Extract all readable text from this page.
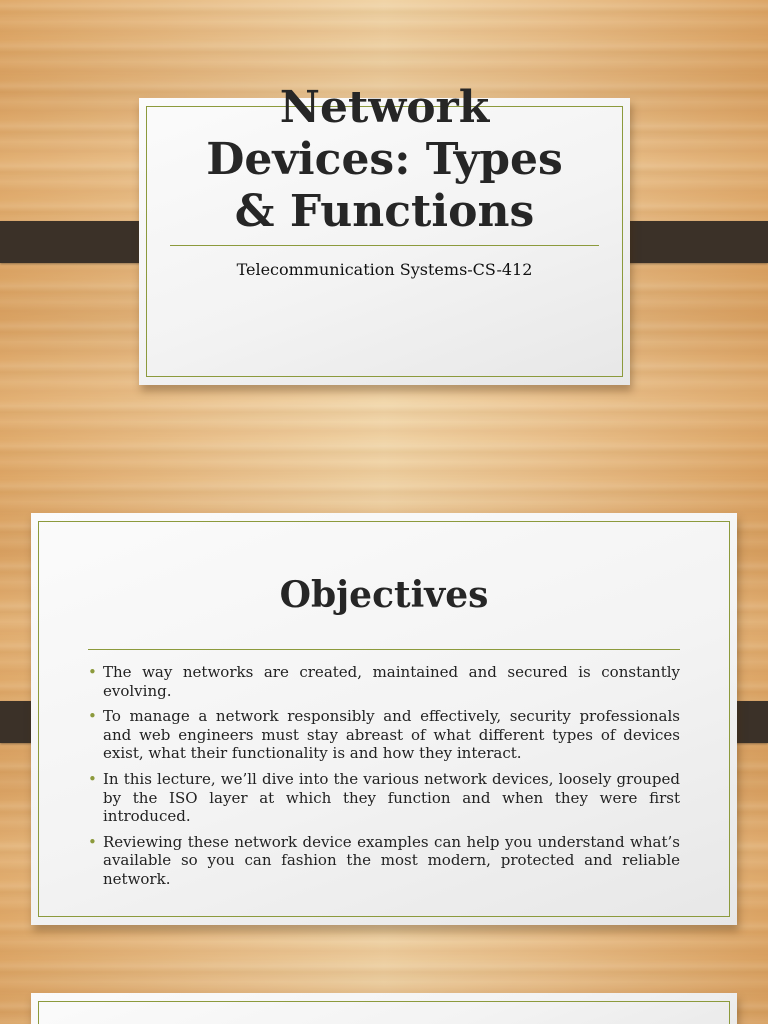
Network Devices: Types & Functions
Telecommunication Systems-CS-412
Objectives
• The way networks are created, maintained and secured is constantly evolving.
• To manage a network responsibly and effectively, security professionals and web engineers must stay abreast of what different types of devices exist, what their functionality is and how they interact.
• In this lecture, we’ll dive into the various network devices, loosely grouped by the ISO layer at which they function and when they were first introduced.
• Reviewing these network device examples can help you understand what’s available so you can fashion the most modern, protected and reliable network.
